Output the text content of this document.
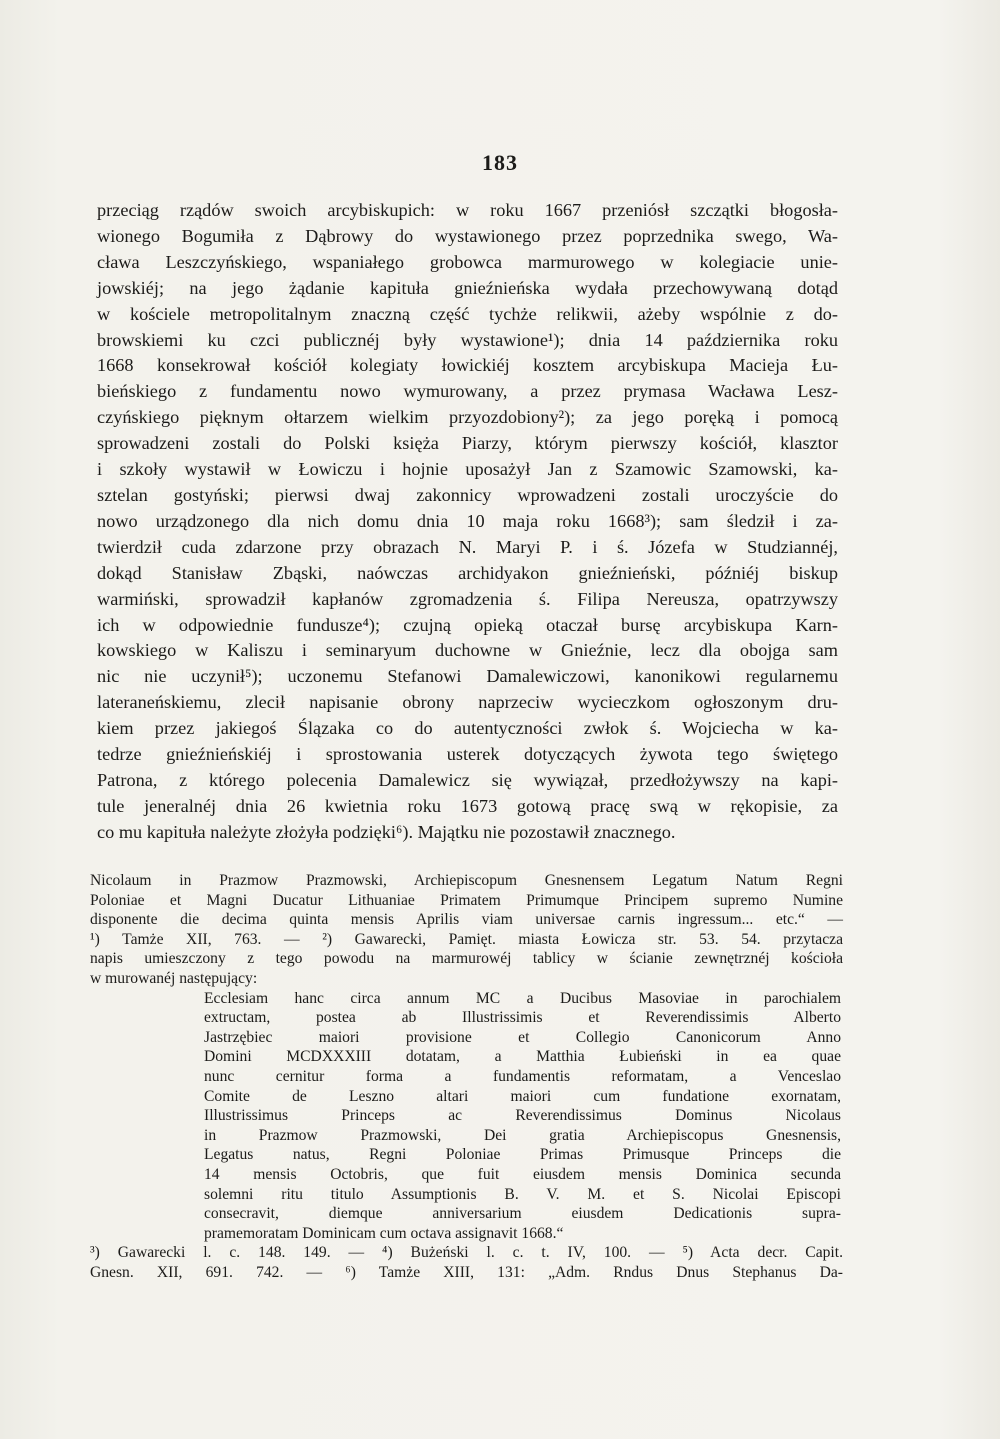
183
przeciąg rządów swoich arcybiskupich: w roku 1667 przeniósł szczątki błogosła-
wionego Bogumiła z Dąbrowy do wystawionego przez poprzednika swego, Wa-
cława Leszczyńskiego, wspaniałego grobowca marmurowego w kolegiacie unie-
jowskiéj; na jego żądanie kapituła gnieźnieńska wydała przechowywaną dotąd
w kościele metropolitalnym znaczną część tychże relikwii, ażeby wspólnie z do-
browskiemi ku czci publicznéj były wystawione¹); dnia 14 października roku
1668 konsekrował kościół kolegiaty łowickiéj kosztem arcybiskupa Macieja Łu-
bieńskiego z fundamentu nowo wymurowany, a przez prymasa Wacława Lesz-
czyńskiego pięknym ołtarzem wielkim przyozdobiony²); za jego poręką i pomocą
sprowadzeni zostali do Polski księża Piarzy, którym pierwszy kościół, klasztor
i szkoły wystawił w Łowiczu i hojnie uposażył Jan z Szamowic Szamowski, ka-
sztelan gostyński; pierwsi dwaj zakonnicy wprowadzeni zostali uroczyście do
nowo urządzonego dla nich domu dnia 10 maja roku 1668³); sam śledził i za-
twierdził cuda zdarzone przy obrazach N. Maryi P. i ś. Józefa w Studziannéj,
dokąd Stanisław Zbąski, naówczas archidyakon gnieźnieński, późniéj biskup
warmiński, sprowadził kapłanów zgromadzenia ś. Filipa Nereusza, opatrzywszy
ich w odpowiednie fundusze⁴); czujną opieką otaczał bursę arcybiskupa Karn-
kowskiego w Kaliszu i seminaryum duchowne w Gnieźnie, lecz dla obojga sam
nic nie uczynił⁵); uczonemu Stefanowi Damalewiczowi, kanonikowi regularnemu
lateraneńskiemu, zlecił napisanie obrony naprzeciw wycieczkom ogłoszonym dru-
kiem przez jakiegoś Ślązaka co do autentyczności zwłok ś. Wojciecha w ka-
tedrze gnieźnieńskiéj i sprostowania usterek dotyczących żywota tego świętego
Patrona, z którego polecenia Damalewicz się wywiązał, przedłożywszy na kapi-
tule jeneralnéj dnia 26 kwietnia roku 1673 gotową pracę swą w rękopisie, za
co mu kapituła należyte złożyła podzięki⁶). Majątku nie pozostawił znacznego.
Nicolaum in Prazmow Prazmowski, Archiepiscopum Gnesnensem Legatum Natum Regni
Poloniae et Magni Ducatur Lithuaniae Primatem Primumque Principem supremo Numine
disponente die decima quinta mensis Aprilis viam universae carnis ingressum... etc.“ —
¹) Tamże XII, 763. — ²) Gawarecki, Pamięt. miasta Łowicza str. 53. 54. przytacza
napis umieszczony z tego powodu na marmurowéj tablicy w ścianie zewnętrznéj kościoła
w murowanéj następujący:
Ecclesiam hanc circa annum MC a Ducibus Masoviae in parochialem
extructam, postea ab Illustrissimis et Reverendissimis Alberto
Jastrzębiec maiori provisione et Collegio Canonicorum Anno
Domini MCDXXXIII dotatam, a Matthia Łubieński in ea quae
nunc cernitur forma a fundamentis reformatam, a Venceslao
Comite de Leszno altari maiori cum fundatione exornatam,
Illustrissimus Princeps ac Reverendissimus Dominus Nicolaus
in Prazmow Prazmowski, Dei gratia Archiepiscopus Gnesnensis,
Legatus natus, Regni Poloniae Primas Primusque Princeps die
14 mensis Octobris, que fuit eiusdem mensis Dominica secunda
solemni ritu titulo Assumptionis B. V. M. et S. Nicolai Episcopi
consecravit, diemque anniversarium eiusdem Dedicationis supra-
pramemoratam Dominicam cum octava assignavit 1668.“
³) Gawarecki l. c. 148. 149. — ⁴) Bużeński l. c. t. IV, 100. — ⁵) Acta decr. Capit.
Gnesn. XII, 691. 742. — ⁶) Tamże XIII, 131: „Adm. Rndus Dnus Stephanus Da-
